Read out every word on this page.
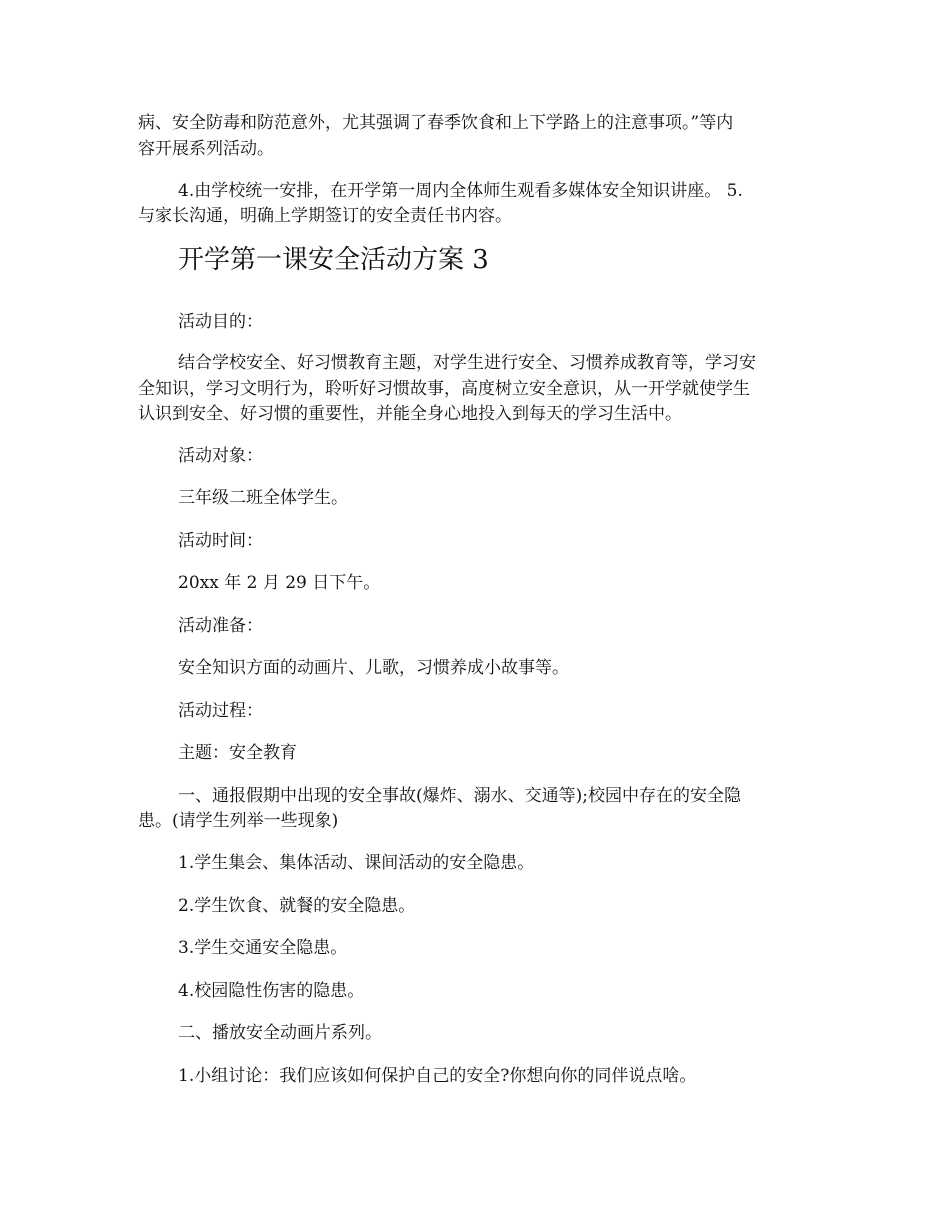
病、安全防毒和防范意外，尤其强调了春季饮食和上下学路上的注意事项。”等内

容开展系列活动。

4.由学校统一安排，在开学第一周内全体师生观看多媒体安全知识讲座。 5.

与家长沟通，明确上学期签订的安全责任书内容。

开学第一课安全活动方案 3

活动目的：

结合学校安全、好习惯教育主题，对学生进行安全、习惯养成教育等，学习安

全知识，学习文明行为，聆听好习惯故事，高度树立安全意识，从一开学就使学生

认识到安全、好习惯的重要性，并能全身心地投入到每天的学习生活中。

活动对象：

三年级二班全体学生。

活动时间：

20xx 年 2 月 29 日下午。

活动准备：

安全知识方面的动画片、儿歌，习惯养成小故事等。

活动过程：

主题：安全教育

一、通报假期中出现的安全事故(爆炸、溺水、交通等);校园中存在的安全隐

患。(请学生列举一些现象)

1.学生集会、集体活动、课间活动的安全隐患。

2.学生饮食、就餐的安全隐患。

3.学生交通安全隐患。

4.校园隐性伤害的隐患。

二、播放安全动画片系列。

1.小组讨论：我们应该如何保护自己的安全?你想向你的同伴说点啥。
